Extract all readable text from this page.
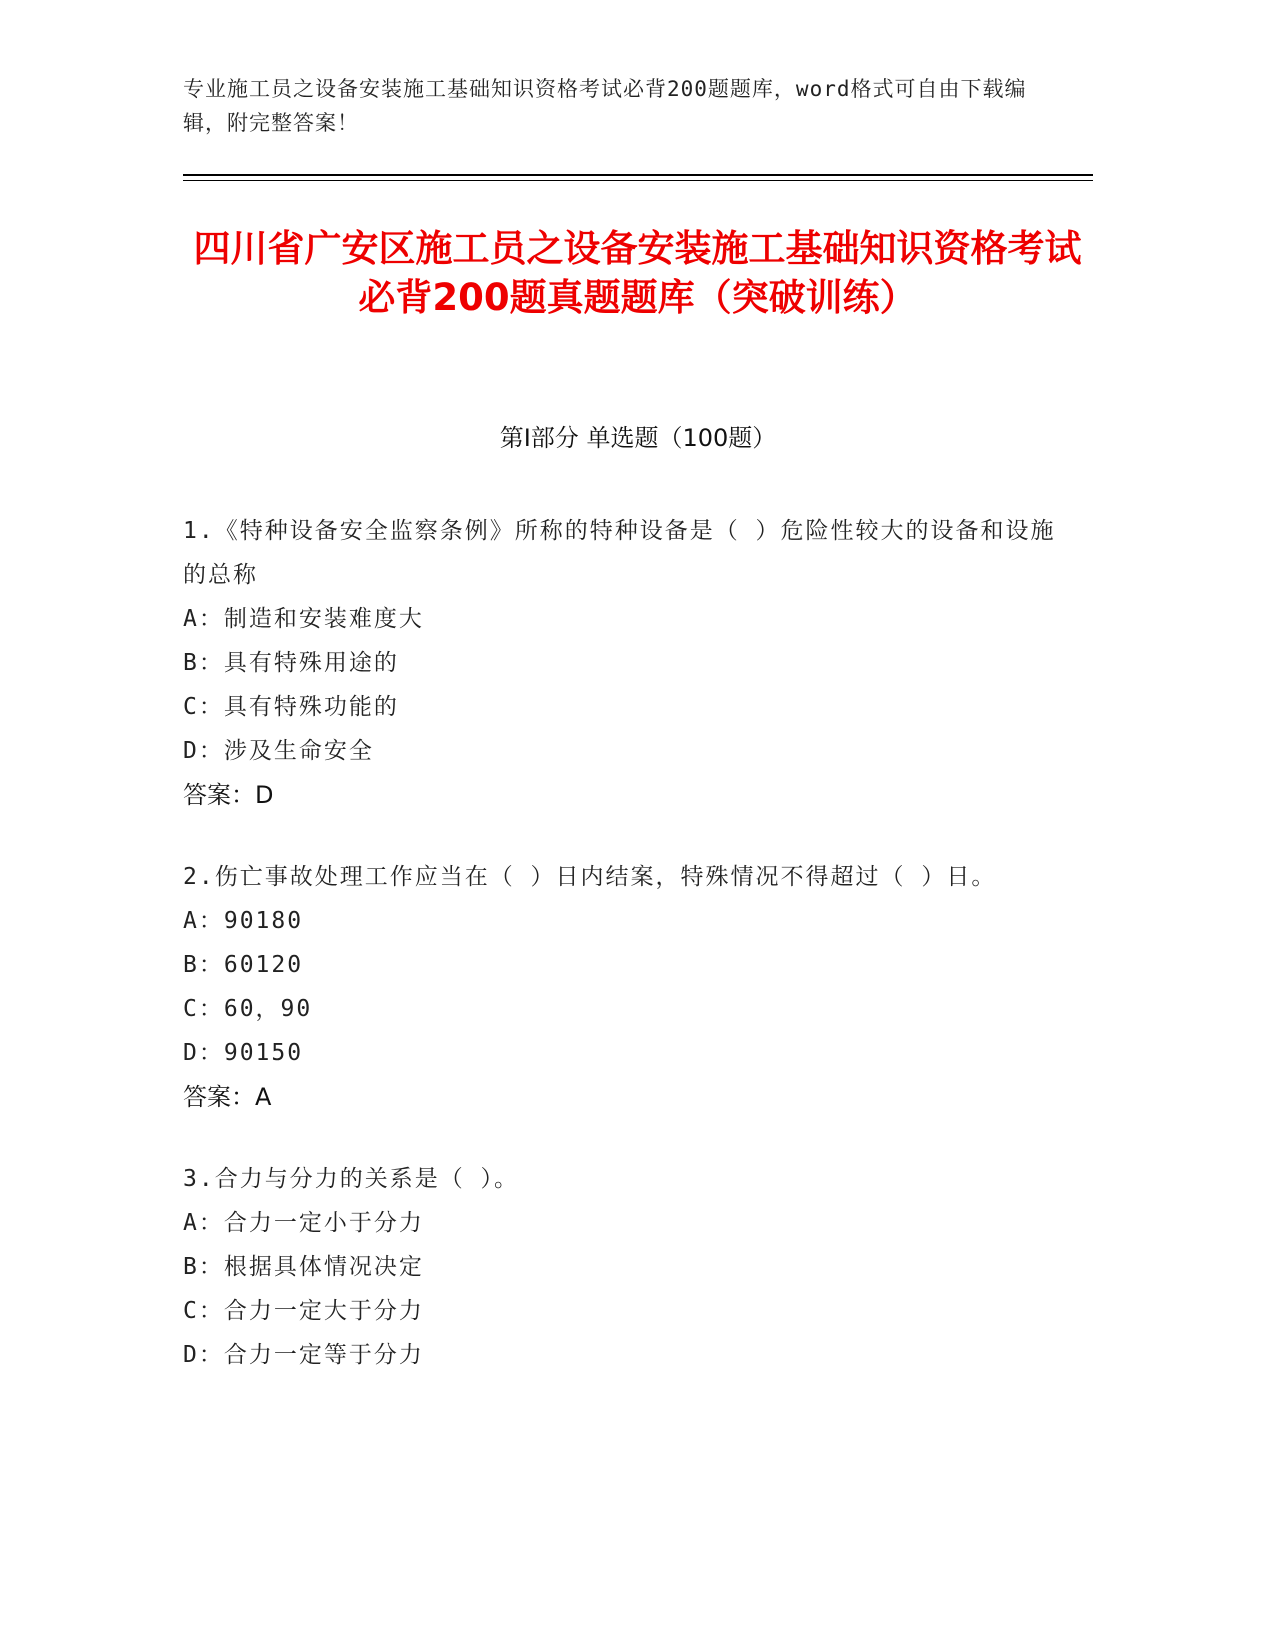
专业施工员之设备安装施工基础知识资格考试必背200题题库，word格式可自由下载编辑，附完整答案！
四川省广安区施工员之设备安装施工基础知识资格考试必背200题真题题库（突破训练）
第I部分 单选题（100题）
1.《特种设备安全监察条例》所称的特种设备是（ ）危险性较大的设备和设施的总称
A：制造和安装难度大
B：具有特殊用途的
C：具有特殊功能的
D：涉及生命安全
答案：D
2.伤亡事故处理工作应当在（ ）日内结案，特殊情况不得超过（ ）日。
A：90180
B：60120
C：60，90
D：90150
答案：A
3.合力与分力的关系是（ ）。
A：合力一定小于分力
B：根据具体情况决定
C：合力一定大于分力
D：合力一定等于分力
